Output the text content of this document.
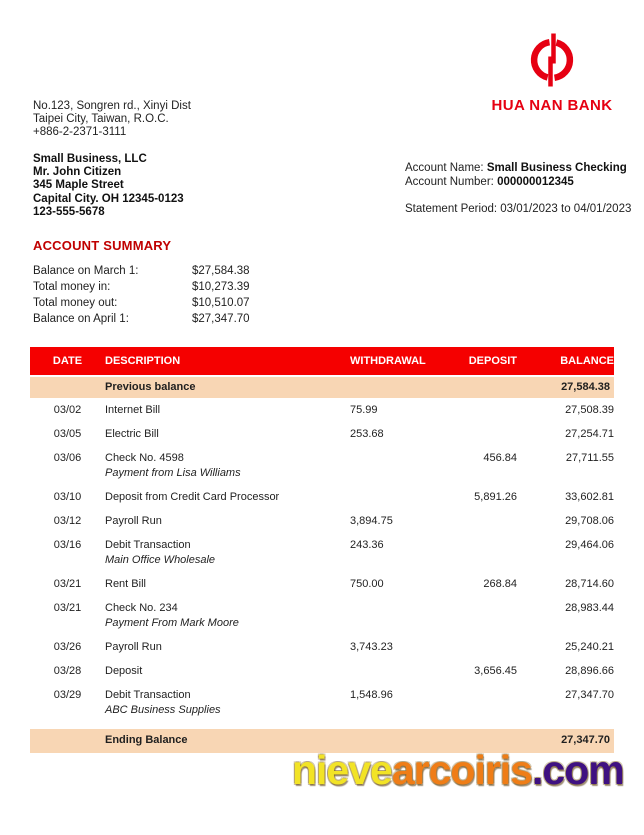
No.123, Songren rd., Xinyi Dist
Taipei City, Taiwan, R.O.C.
+886-2-2371-3111
HUA NAN BANK
Small Business, LLC
Mr. John Citizen
345 Maple Street
Capital City. OH 12345-0123
123-555-5678
Account Name: Small Business Checking
Account Number: 000000012345
Statement Period: 03/01/2023 to 04/01/2023
ACCOUNT SUMMARY
Balance on March 1:	$27,584.38
Total money in:	$10,273.39
Total money out:	$10,510.07
Balance on April 1:	$27,347.70
DATE	DESCRIPTION	WITHDRAWAL	DEPOSIT	BALANCE
	Previous balance			27,584.38
03/02	Internet Bill	75.99		27,508.39
03/05	Electric Bill	253.68		27,254.71
03/06	Check No. 4598
Payment from Lisa Williams		456.84	27,711.55
03/10	Deposit from Credit Card Processor		5,891.26	33,602.81
03/12	Payroll Run	3,894.75		29,708.06
03/16	Debit Transaction
Main Office Wholesale	243.36		29,464.06
03/21	Rent Bill	750.00	268.84	28,714.60
03/21	Check No. 234
Payment From Mark Moore			28,983.44
03/26	Payroll Run	3,743.23		25,240.21
03/28	Deposit		3,656.45	28,896.66
03/29	Debit Transaction
ABC Business Supplies	1,548.96		27,347.70

	Ending Balance			27,347.70
nievearcoiris.com
